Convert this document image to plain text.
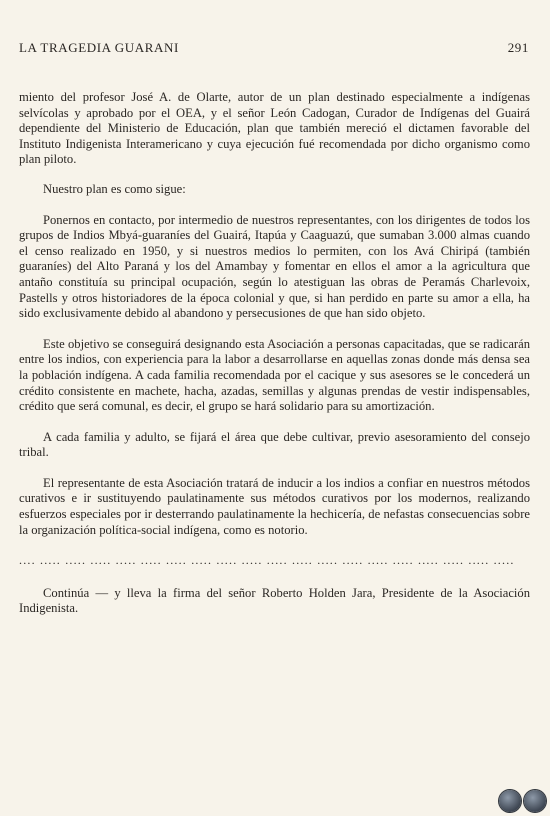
LA TRAGEDIA GUARANI	291

miento del profesor José A. de Olarte, autor de un plan destinado especialmente a indígenas selvícolas y aprobado por el OEA, y el señor León Cadogan, Curador de Indígenas del Guairá dependiente del Ministerio de Educación, plan que también mereció el dictamen favorable del Instituto Indigenista Interamericano y cuya ejecución fué recomendada por dicho organismo como plan piloto.

Nuestro plan es como sigue:

Ponernos en contacto, por intermedio de nuestros representantes, con los dirigentes de todos los grupos de Indios Mbyá-guaraníes del Guairá, Itapúa y Caaguazú, que sumaban 3.000 almas cuando el censo realizado en 1950, y si nuestros medios lo permiten, con los Avá Chiripá (también guaraníes) del Alto Paraná y los del Amambay y fomentar en ellos el amor a la agricultura que antaño constituía su principal ocupación, según lo atestiguan las obras de Peramás Charlevoix, Pastells y otros historiadores de la época colonial y que, si han perdido en parte su amor a ella, ha sido exclusivamente debido al abandono y persecusiones de que han sido objeto.

Este objetivo se conseguirá designando esta Asociación a personas capacitadas, que se radicarán entre los indios, con experiencia para la labor a desarrollarse en aquellas zonas donde más densa sea la población indígena. A cada familia recomendada por el cacique y sus asesores se le concederá un crédito consistente en machete, hacha, azadas, semillas y algunas prendas de vestir indispensables, crédito que será comunal, es decir, el grupo se hará solidario para su amortización.

A cada familia y adulto, se fijará el área que debe cultivar, previo asesoramiento del consejo tribal.

El representante de esta Asociación tratará de inducir a los indios a confiar en nuestros métodos curativos e ir sustituyendo paulatinamente sus métodos curativos por los modernos, realizando esfuerzos especiales por ir desterrando paulatinamente la hechicería, de nefastas consecuencias sobre la organización política-social indígena, como es notorio.

.... ..... ..... ..... ..... ..... ..... ..... ..... ..... ..... ..... ..... ..... ..... ..... ..... ..... ..... .....

Continúa — y lleva la firma del señor Roberto Holden Jara, Presidente de la Asociación Indigenista.
